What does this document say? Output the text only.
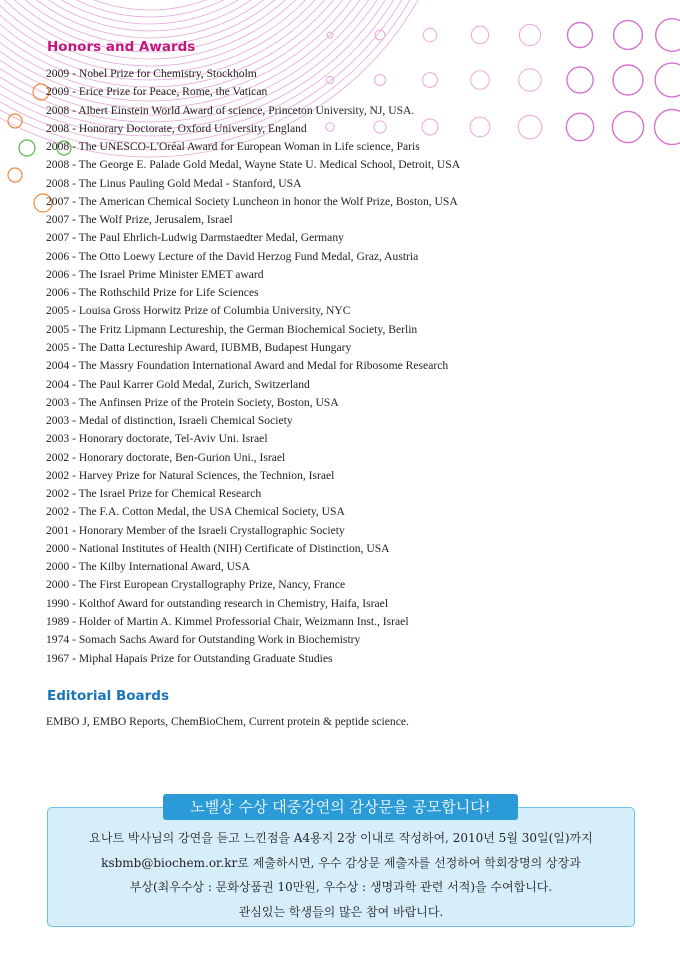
Honors and Awards
2009 - Nobel Prize for Chemistry, Stockholm
2009 - Erice Prize for Peace, Rome, the Vatican
2008 - Albert Einstein World Award of science, Princeton University, NJ, USA.
2008 - Honorary Doctorate, Oxford University, England
2008 - The UNESCO-L'Oréal Award for European Woman in Life science, Paris
2008 - The George E. Palade Gold Medal, Wayne State U. Medical School, Detroit, USA
2008 - The Linus Pauling Gold Medal - Stanford, USA
2007 - The American Chemical Society Luncheon in honor the Wolf Prize, Boston, USA
2007 - The Wolf Prize, Jerusalem, Israel
2007 - The Paul Ehrlich-Ludwig Darmstaedter Medal, Germany
2006 - The Otto Loewy Lecture of the David Herzog Fund Medal, Graz, Austria
2006 - The Israel Prime Minister EMET award
2006 - The Rothschild Prize for Life Sciences
2005 - Louisa Gross Horwitz Prize of Columbia University, NYC
2005 - The Fritz Lipmann Lectureship, the German Biochemical Society, Berlin
2005 - The Datta Lectureship Award, IUBMB, Budapest Hungary
2004 - The Massry Foundation International Award and Medal for Ribosome Research
2004 - The Paul Karrer Gold Medal, Zurich, Switzerland
2003 - The Anfinsen Prize of the Protein Society, Boston, USA
2003 - Medal of distinction, Israeli Chemical Society
2003 - Honorary doctorate, Tel-Aviv Uni. Israel
2002 - Honorary doctorate, Ben-Gurion Uni., Israel
2002 - Harvey Prize for Natural Sciences, the Technion, Israel
2002 - The Israel Prize for Chemical Research
2002 - The F.A. Cotton Medal, the USA Chemical Society, USA
2001 - Honorary Member of the Israeli Crystallographic Society
2000 - National Institutes of Health (NIH) Certificate of Distinction, USA
2000 - The Kilby International Award, USA
2000 - The First European Crystallography Prize, Nancy, France
1990 - Kolthof Award for outstanding research in Chemistry, Haifa, Israel
1989 - Holder of Martin A. Kimmel Professorial Chair, Weizmann Inst., Israel
1974 - Somach Sachs Award for Outstanding Work in Biochemistry
1967 - Miphal Hapais Prize for Outstanding Graduate Studies
Editorial Boards

EMBO J, EMBO Reports, ChemBioChem, Current protein & peptide science.

노벨상 수상 대중강연의 감상문을 공모합니다!

요나트 박사님의 강연을 듣고 느낀점을 A4용지 2장 이내로 작성하여, 2010년 5월 30일(일)까지
ksbmb@biochem.or.kr로 제출하시면, 우수 감상문 제출자를 선정하여 학회장명의 상장과
부상(최우수상 : 문화상품권 10만원, 우수상 : 생명과학 관련 서적)을 수여합니다.
관심있는 학생들의 많은 참여 바랍니다.
